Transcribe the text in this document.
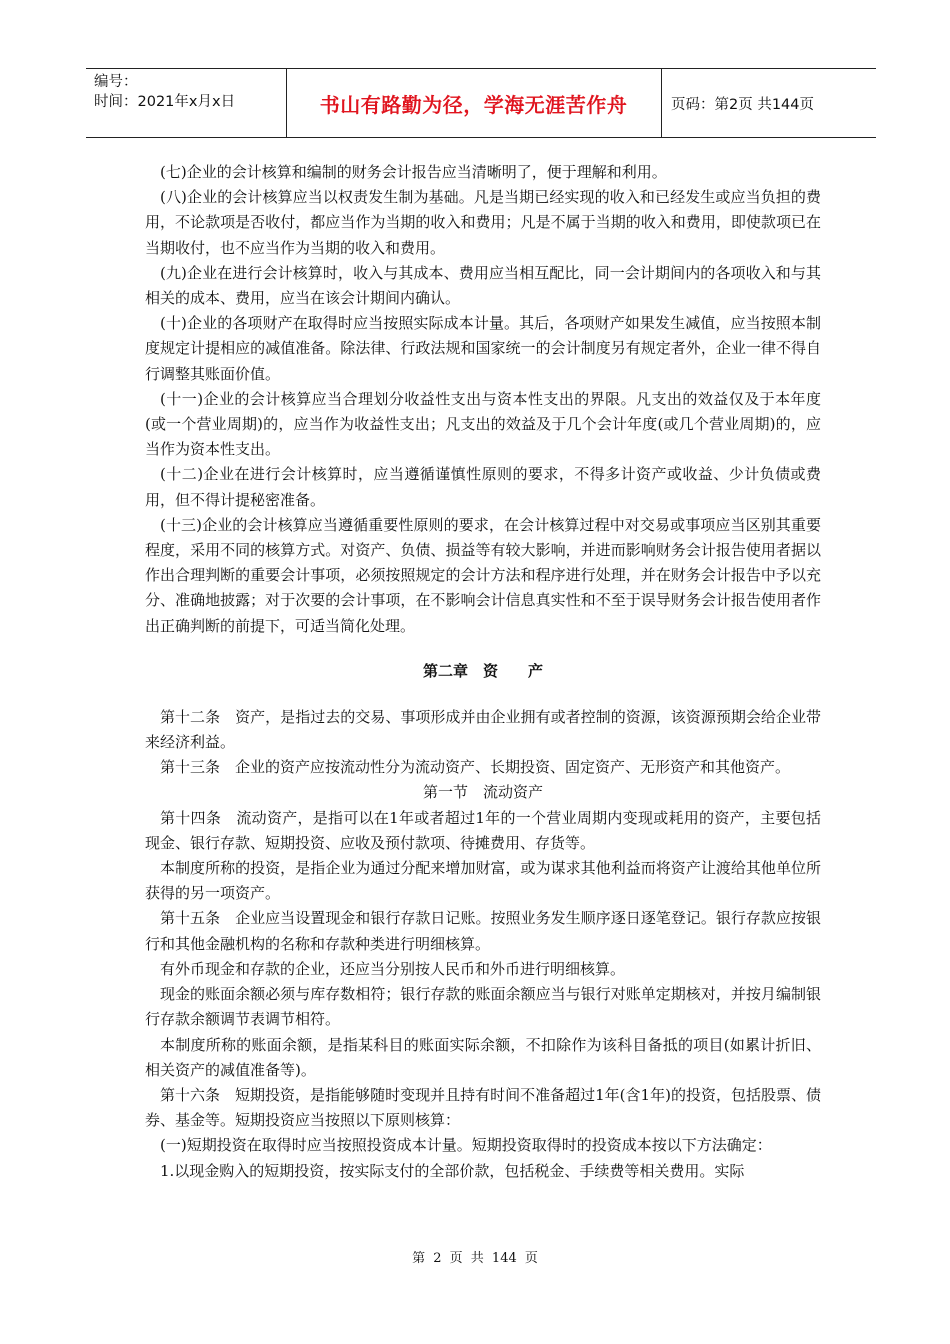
编号：
时间：2021年x月x日	书山有路勤为径，学海无涯苦作舟	页码：第2页 共144页

(七)企业的会计核算和编制的财务会计报告应当清晰明了，便于理解和利用。

(八)企业的会计核算应当以权责发生制为基础。凡是当期已经实现的收入和已经发生或应当负担的费用，不论款项是否收付，都应当作为当期的收入和费用；凡是不属于当期的收入和费用，即使款项已在当期收付，也不应当作为当期的收入和费用。

(九)企业在进行会计核算时，收入与其成本、费用应当相互配比，同一会计期间内的各项收入和与其相关的成本、费用，应当在该会计期间内确认。

(十)企业的各项财产在取得时应当按照实际成本计量。其后，各项财产如果发生减值，应当按照本制度规定计提相应的减值准备。除法律、行政法规和国家统一的会计制度另有规定者外，企业一律不得自行调整其账面价值。

(十一)企业的会计核算应当合理划分收益性支出与资本性支出的界限。凡支出的效益仅及于本年度(或一个营业周期)的，应当作为收益性支出；凡支出的效益及于几个会计年度(或几个营业周期)的，应当作为资本性支出。

(十二)企业在进行会计核算时，应当遵循谨慎性原则的要求，不得多计资产或收益、少计负债或费用，但不得计提秘密准备。

(十三)企业的会计核算应当遵循重要性原则的要求，在会计核算过程中对交易或事项应当区别其重要程度，采用不同的核算方式。对资产、负债、损益等有较大影响，并进而影响财务会计报告使用者据以作出合理判断的重要会计事项，必须按照规定的会计方法和程序进行处理，并在财务会计报告中予以充分、准确地披露；对于次要的会计事项，在不影响会计信息真实性和不至于误导财务会计报告使用者作出正确判断的前提下，可适当简化处理。

第二章　资　　产

第十二条　资产，是指过去的交易、事项形成并由企业拥有或者控制的资源，该资源预期会给企业带来经济利益。

第十三条　企业的资产应按流动性分为流动资产、长期投资、固定资产、无形资产和其他资产。

第一节　流动资产

第十四条　流动资产，是指可以在1年或者超过1年的一个营业周期内变现或耗用的资产，主要包括现金、银行存款、短期投资、应收及预付款项、待摊费用、存货等。

本制度所称的投资，是指企业为通过分配来增加财富，或为谋求其他利益而将资产让渡给其他单位所获得的另一项资产。

第十五条　企业应当设置现金和银行存款日记账。按照业务发生顺序逐日逐笔登记。银行存款应按银行和其他金融机构的名称和存款种类进行明细核算。

有外币现金和存款的企业，还应当分别按人民币和外币进行明细核算。

现金的账面余额必须与库存数相符；银行存款的账面余额应当与银行对账单定期核对，并按月编制银行存款余额调节表调节相符。

本制度所称的账面余额，是指某科目的账面实际余额，不扣除作为该科目备抵的项目(如累计折旧、相关资产的减值准备等)。

第十六条　短期投资，是指能够随时变现并且持有时间不准备超过1年(含1年)的投资，包括股票、债券、基金等。短期投资应当按照以下原则核算：

(一)短期投资在取得时应当按照投资成本计量。短期投资取得时的投资成本按以下方法确定：

1.以现金购入的短期投资，按实际支付的全部价款，包括税金、手续费等相关费用。实际

第 2 页 共 144 页
